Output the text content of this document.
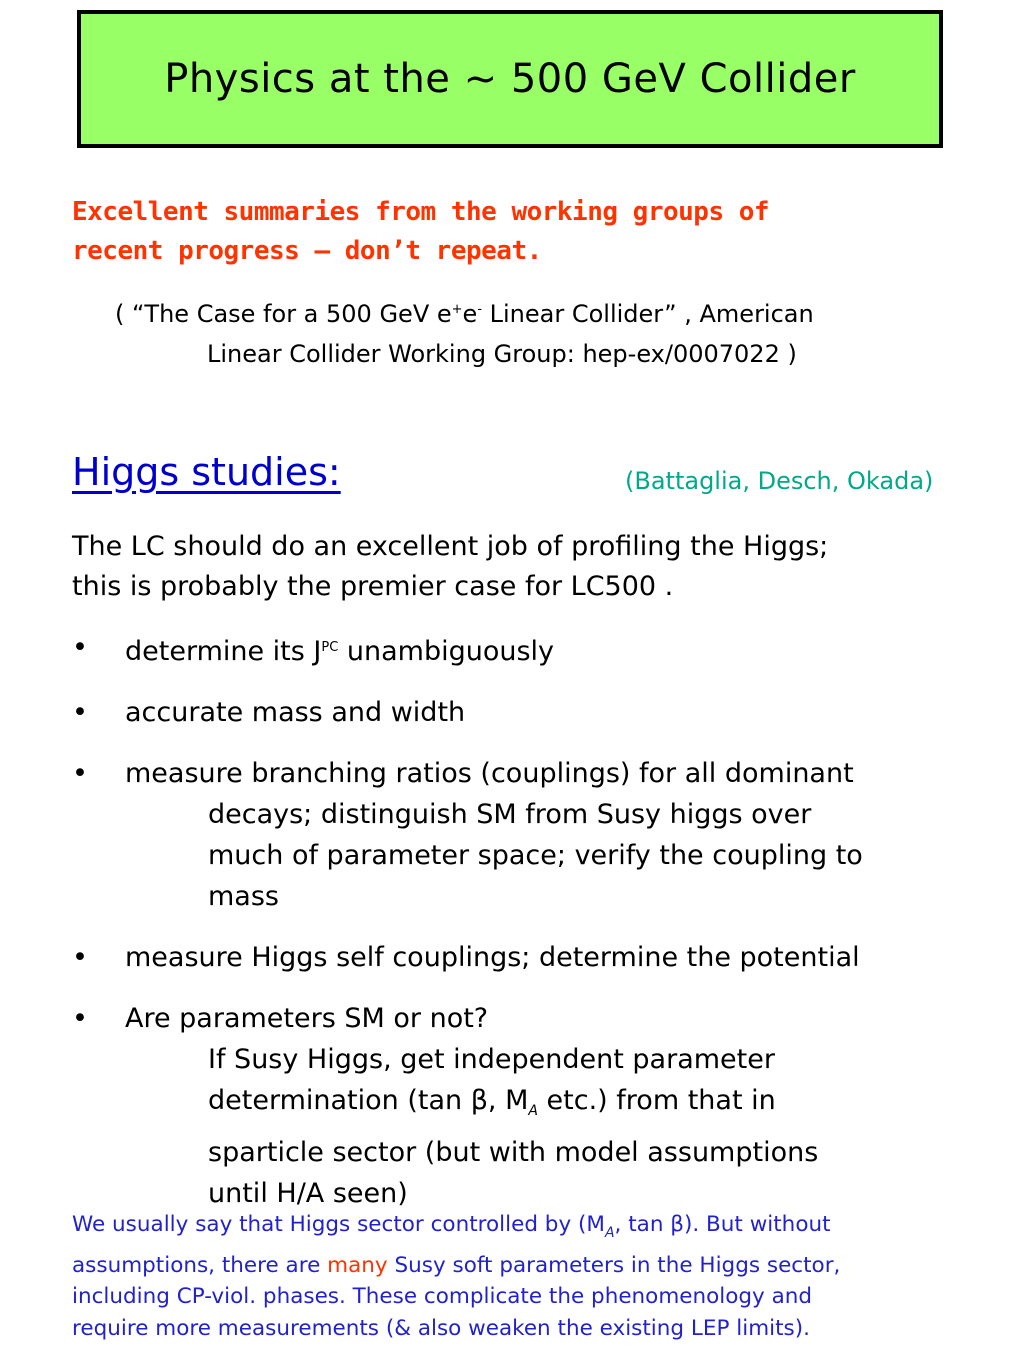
Physics at the ~ 500 GeV Collider
Excellent summaries from the working groups of
recent progress – don’t repeat.
( “The Case for a 500 GeV e+e- Linear Collider” , American
Linear Collider Working Group: hep-ex/0007022 )
Higgs studies:	(Battaglia, Desch, Okada)
The LC should do an excellent job of profiling the Higgs;
this is probably the premier case for LC500 .
• determine its $J^{PC}$ unambiguously
• accurate mass and width
• measure branching ratios (couplings) for all dominant
decays; distinguish SM from Susy higgs over
much of parameter space; verify the coupling to
mass
• measure Higgs self couplings; determine the potential
• Are parameters SM or not?
If Susy Higgs, get independent parameter
determination (tan β, $M_A$ etc.) from that in
sparticle sector (but with model assumptions
until H/A seen)
We usually say that Higgs sector controlled by ($M_A$, tan β). But without
assumptions, there are many Susy soft parameters in the Higgs sector,
including CP-viol. phases. These complicate the phenomenology and
require more measurements (& also weaken the existing LEP limits).
